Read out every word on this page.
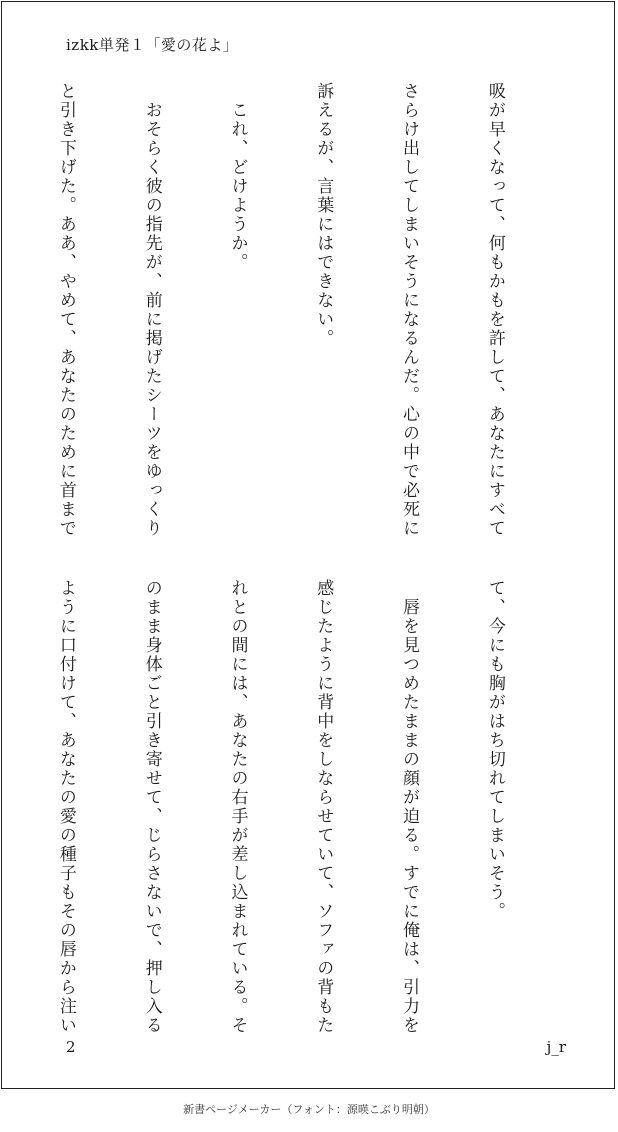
izkk単発１「愛の花よ」

吸が早くなって、何もかもを許して、あなたにすべて

さらけ出してしまいそうになるんだ。心の中で必死に

訴えるが、言葉にはできない。

　これ、どけようか。

　おそらく彼の指先が、前に掲げたシーツをゆっくり

と引き下げた。ああ、やめて、あなたのために首まで

て、今にも胸がはち切れてしまいそう。

　唇を見つめたままの顔が迫る。すでに俺は、引力を

感じたように背中をしならせていて、ソファの背もた

れとの間には、あなたの右手が差し込まれている。そ

のまま身体ごと引き寄せて、じらさないで、押し入る

ように口付けて、あなたの愛の種子もその唇から注い

2	j_r
新書ページメーカー（フォント：源暎こぶり明朝）
